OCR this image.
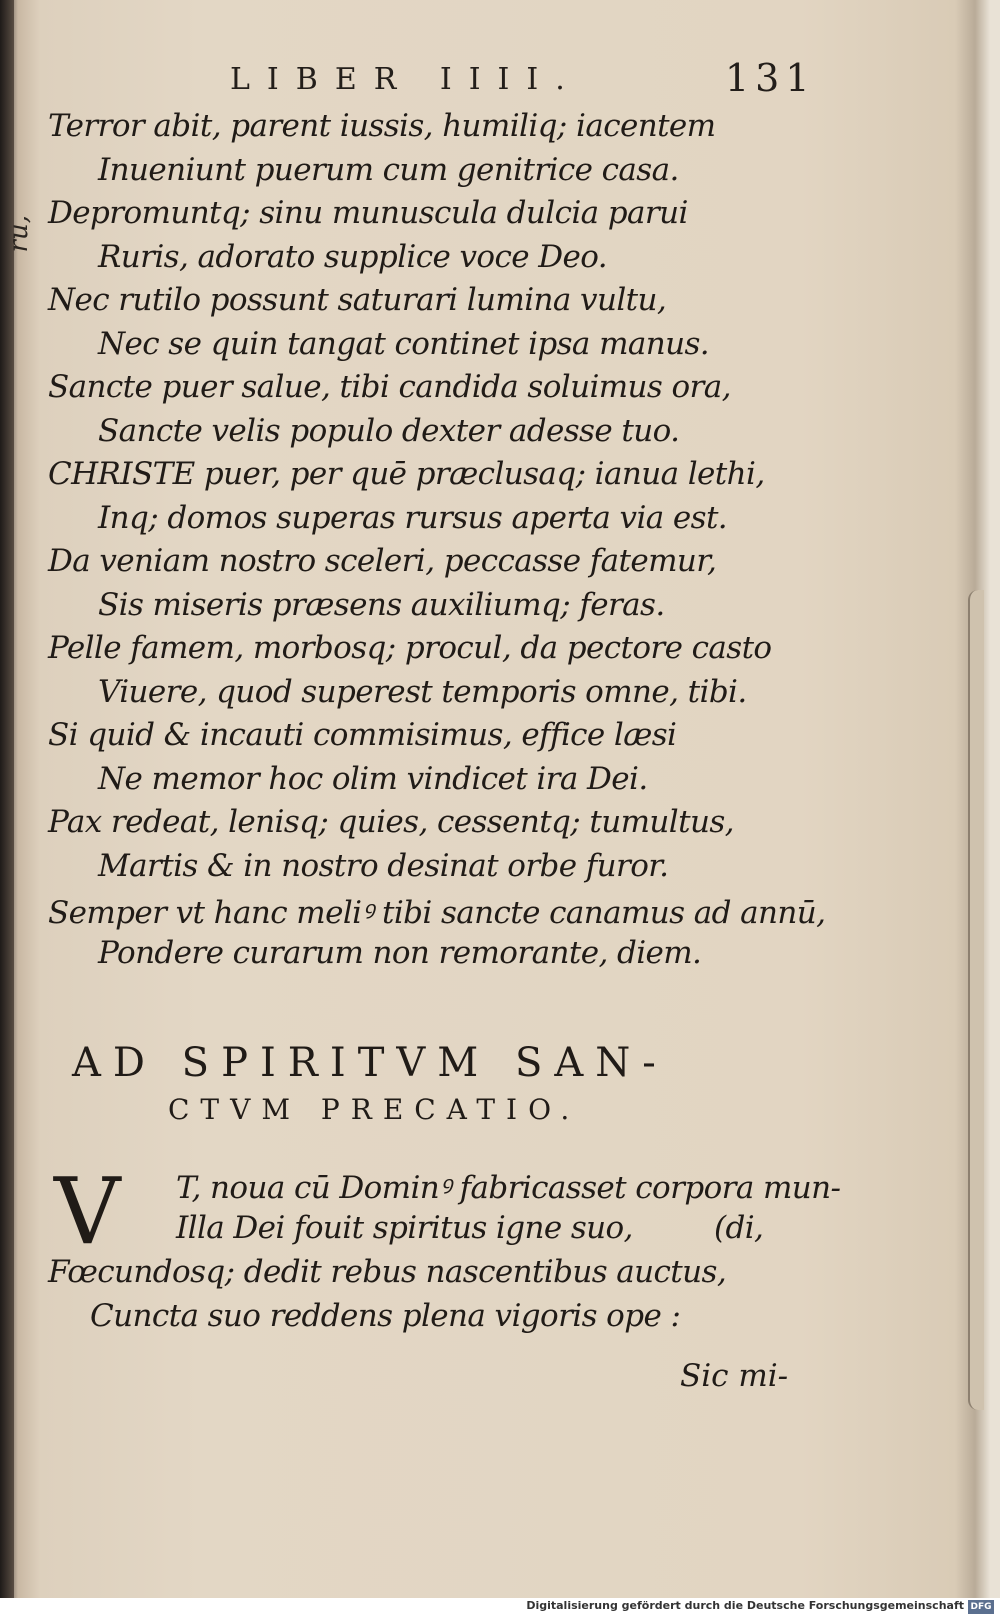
ru,
LIBER IIII.	131
Terror abit, parent iussis, humiliq; iacentem
Inueniunt puerum cum genitrice casa.
Depromuntq; sinu munuscula dulcia parui
Ruris, adorato supplice voce Deo.
Nec rutilo possunt saturari lumina vultu,
Nec se quin tangat continet ipsa manus.
Sancte puer salue, tibi candida soluimus ora,
Sancte velis populo dexter adesse tuo.
CHRISTE puer, per quē præclusaq; ianua lethi,
Inq; domos superas rursus aperta via est.
Da veniam nostro sceleri, peccasse fatemur,
Sis miseris præsens auxiliumq; feras.
Pelle famem, morbosq; procul, da pectore casto
Viuere, quod superest temporis omne, tibi.
Si quid & incauti commisimus, effice læsi
Ne memor hoc olim vindicet ira Dei.
Pax redeat, lenisq; quies, cessentq; tumultus,
Martis & in nostro desinat orbe furor.
Semper vt hanc meliꝰ tibi sancte canamus ad annū,
Pondere curarum non remorante, diem.
AD SPIRITVM SAN-
CTVM PRECATIO.
V	T, noua cū Dominꝰ fabricasset corpora mun-
Illa Dei fouit spiritus igne suo,	(di,
Fœcundosq; dedit rebus nascentibus auctus,
Cuncta suo reddens plena vigoris ope :
Sic mi-
Digitalisierung gefördert durch die Deutsche Forschungsgemeinschaft DFG
